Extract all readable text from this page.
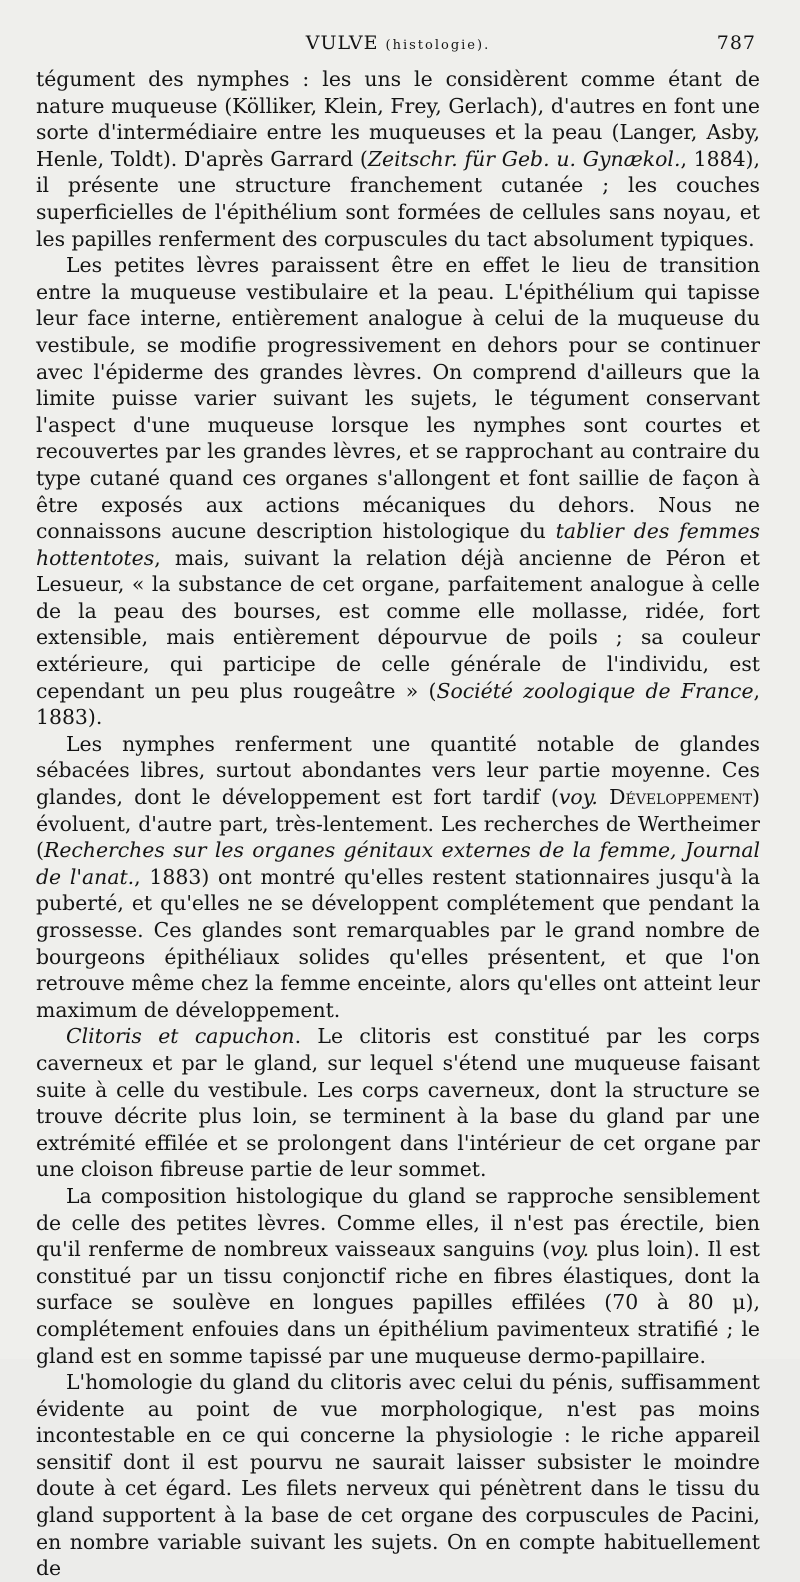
VULVE (histologie).	787

tégument des nymphes : les uns le considèrent comme étant de nature muqueuse (Kölliker, Klein, Frey, Gerlach), d'autres en font une sorte d'intermédiaire entre les muqueuses et la peau (Langer, Asby, Henle, Toldt). D'après Garrard (Zeitschr. für Geb. u. Gynækol., 1884), il présente une structure franchement cutanée ; les couches superficielles de l'épithélium sont formées de cellules sans noyau, et les papilles renferment des corpuscules du tact absolument typiques.

Les petites lèvres paraissent être en effet le lieu de transition entre la muqueuse vestibulaire et la peau. L'épithélium qui tapisse leur face interne, entièrement analogue à celui de la muqueuse du vestibule, se modifie progressivement en dehors pour se continuer avec l'épiderme des grandes lèvres. On comprend d'ailleurs que la limite puisse varier suivant les sujets, le tégument conservant l'aspect d'une muqueuse lorsque les nymphes sont courtes et recouvertes par les grandes lèvres, et se rapprochant au contraire du type cutané quand ces organes s'allongent et font saillie de façon à être exposés aux actions mécaniques du dehors. Nous ne connaissons aucune description histologique du tablier des femmes hottentotes, mais, suivant la relation déjà ancienne de Péron et Lesueur, « la substance de cet organe, parfaitement analogue à celle de la peau des bourses, est comme elle mollasse, ridée, fort extensible, mais entièrement dépourvue de poils ; sa couleur extérieure, qui participe de celle générale de l'individu, est cependant un peu plus rougeâtre » (Société zoologique de France, 1883).

Les nymphes renferment une quantité notable de glandes sébacées libres, surtout abondantes vers leur partie moyenne. Ces glandes, dont le développement est fort tardif (voy. Développement) évoluent, d'autre part, très-lentement. Les recherches de Wertheimer (Recherches sur les organes génitaux externes de la femme, Journal de l'anat., 1883) ont montré qu'elles restent stationnaires jusqu'à la puberté, et qu'elles ne se développent complétement que pendant la grossesse. Ces glandes sont remarquables par le grand nombre de bourgeons épithéliaux solides qu'elles présentent, et que l'on retrouve même chez la femme enceinte, alors qu'elles ont atteint leur maximum de développement.

Clitoris et capuchon. Le clitoris est constitué par les corps caverneux et par le gland, sur lequel s'étend une muqueuse faisant suite à celle du vestibule. Les corps caverneux, dont la structure se trouve décrite plus loin, se terminent à la base du gland par une extrémité effilée et se prolongent dans l'intérieur de cet organe par une cloison fibreuse partie de leur sommet.

La composition histologique du gland se rapproche sensiblement de celle des petites lèvres. Comme elles, il n'est pas érectile, bien qu'il renferme de nombreux vaisseaux sanguins (voy. plus loin). Il est constitué par un tissu conjonctif riche en fibres élastiques, dont la surface se soulève en longues papilles effilées (70 à 80 μ), complétement enfouies dans un épithélium pavimenteux stratifié ; le gland est en somme tapissé par une muqueuse dermo-papillaire.

L'homologie du gland du clitoris avec celui du pénis, suffisamment évidente au point de vue morphologique, n'est pas moins incontestable en ce qui concerne la physiologie : le riche appareil sensitif dont il est pourvu ne saurait laisser subsister le moindre doute à cet égard. Les filets nerveux qui pénètrent dans le tissu du gland supportent à la base de cet organe des corpuscules de Pacini, en nombre variable suivant les sujets. On en compte habituellement de
